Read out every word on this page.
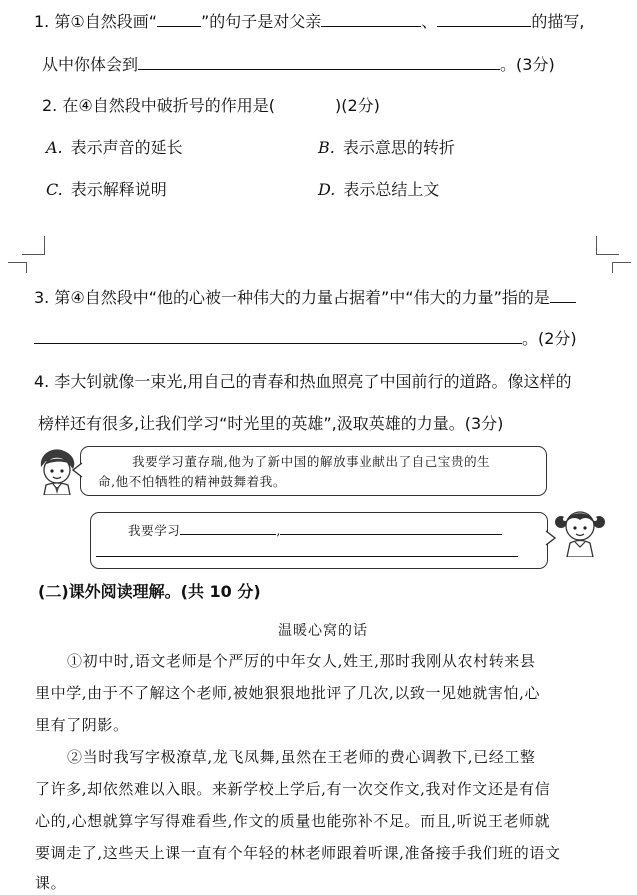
1. 第①自然段画“	”的句子是对父亲	、	的描写,
从中你体会到	。(3分)
2. 在④自然段中破折号的作用是(	)(2分)
A. 表示声音的延长	B. 表示意思的转折
C. 表示解释说明	D. 表示总结上文
3. 第④自然段中“他的心被一种伟大的力量占据着”中“伟大的力量”指的是
。(2分)
4. 李大钊就像一束光,用自己的青春和热血照亮了中国前行的道路。像这样的
榜样还有很多,让我们学习“时光里的英雄”,汲取英雄的力量。(3分)
我要学习董存瑞,他为了新中国的解放事业献出了自己宝贵的生
命,他不怕牺牲的精神鼓舞着我。
我要学习	,
(二)课外阅读理解。(共 10 分)
温暖心窝的话
①初中时,语文老师是个严厉的中年女人,姓王,那时我刚从农村转来县
里中学,由于不了解这个老师,被她狠狠地批评了几次,以致一见她就害怕,心
里有了阴影。
②当时我写字极潦草,龙飞凤舞,虽然在王老师的费心调教下,已经工整
了许多,却依然难以入眼。来新学校上学后,有一次交作文,我对作文还是有信
心的,心想就算字写得难看些,作文的质量也能弥补不足。而且,听说王老师就
要调走了,这些天上课一直有个年轻的林老师跟着听课,准备接手我们班的语文
课。
